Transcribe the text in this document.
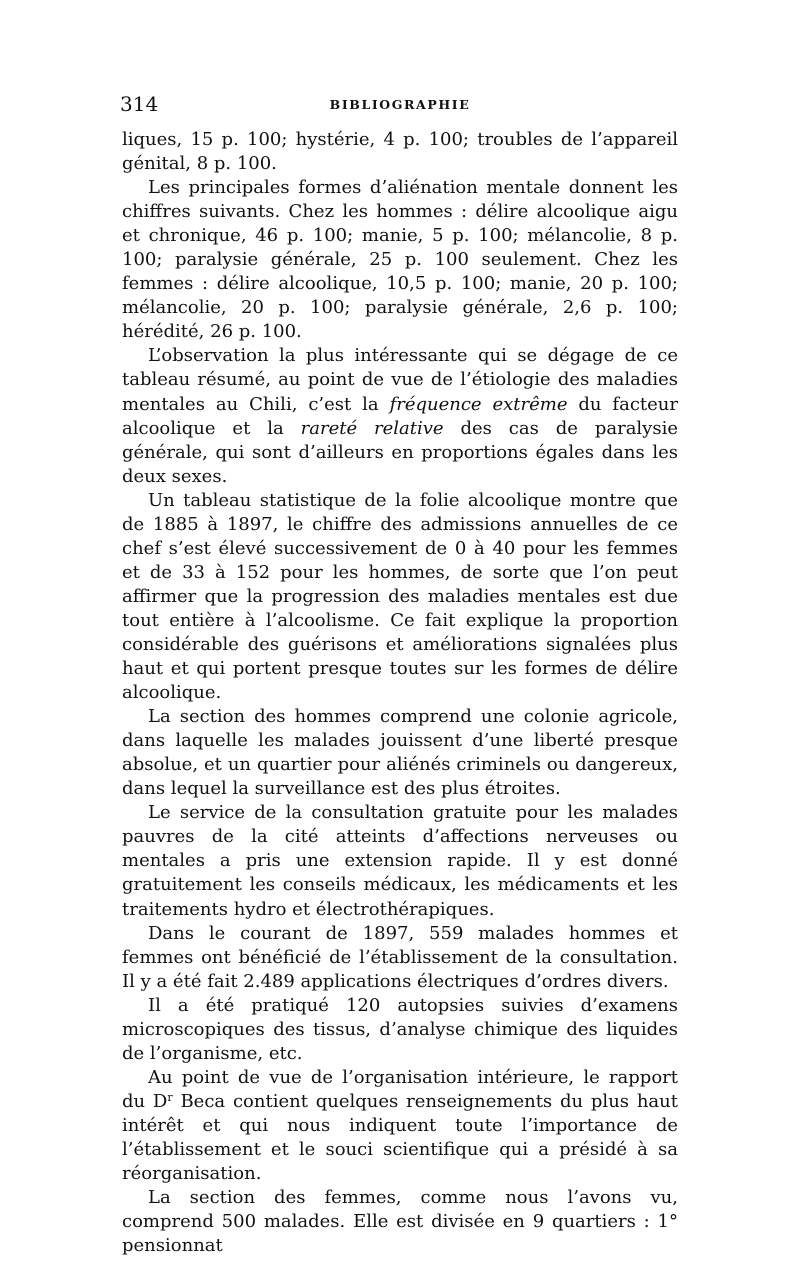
314	BIBLIOGRAPHIE

liques, 15 p. 100; hystérie, 4 p. 100; troubles de l’appareil génital, 8 p. 100.

Les principales formes d’aliénation mentale donnent les chiffres suivants. Chez les hommes : délire alcoolique aigu et chronique, 46 p. 100; manie, 5 p. 100; mélancolie, 8 p. 100; paralysie générale, 25 p. 100 seulement. Chez les femmes : délire alcoolique, 10,5 p. 100; manie, 20 p. 100; mélancolie, 20 p. 100; paralysie générale, 2,6 p. 100; hérédité, 26 p. 100.

L’observation la plus intéressante qui se dégage de ce tableau résumé, au point de vue de l’étiologie des maladies mentales au Chili, c’est la fréquence extrême du facteur alcoolique et la rareté relative des cas de paralysie générale, qui sont d’ailleurs en proportions égales dans les deux sexes.

Un tableau statistique de la folie alcoolique montre que de 1885 à 1897, le chiffre des admissions annuelles de ce chef s’est élevé successivement de 0 à 40 pour les femmes et de 33 à 152 pour les hommes, de sorte que l’on peut affirmer que la progression des maladies mentales est due tout entière à l’alcoolisme. Ce fait explique la proportion considérable des guérisons et améliorations signalées plus haut et qui portent presque toutes sur les formes de délire alcoolique.

La section des hommes comprend une colonie agricole, dans laquelle les malades jouissent d’une liberté presque absolue, et un quartier pour aliénés criminels ou dangereux, dans lequel la surveillance est des plus étroites.

Le service de la consultation gratuite pour les malades pauvres de la cité atteints d’affections nerveuses ou mentales a pris une extension rapide. Il y est donné gratuitement les conseils médicaux, les médicaments et les traitements hydro et électrothérapiques.

Dans le courant de 1897, 559 malades hommes et femmes ont bénéficié de l’établissement de la consultation. Il y a été fait 2.489 applications électriques d’ordres divers.

Il a été pratiqué 120 autopsies suivies d’examens microscopiques des tissus, d’analyse chimique des liquides de l’organisme, etc.

Au point de vue de l’organisation intérieure, le rapport du $D^r$ Beca contient quelques renseignements du plus haut intérêt et qui nous indiquent toute l’importance de l’établissement et le souci scientifique qui a présidé à sa réorganisation.

La section des femmes, comme nous l’avons vu, comprend 500 malades. Elle est divisée en 9 quartiers : 1° pensionnat
